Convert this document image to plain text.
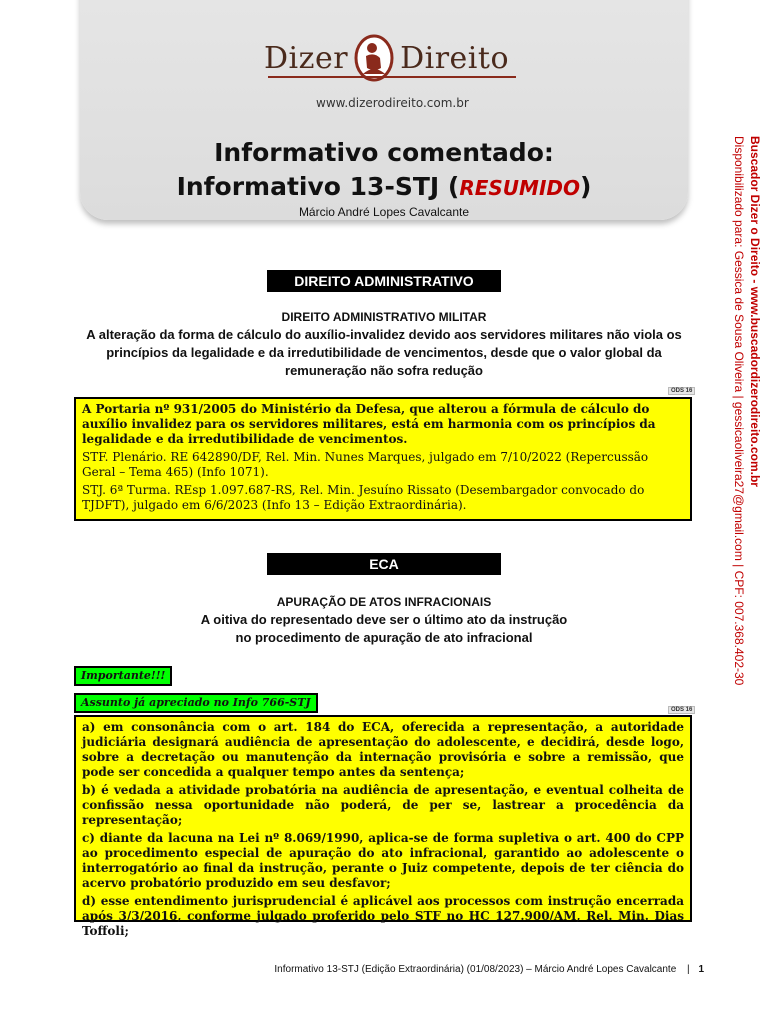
Dizer Direito
www.dizerodireito.com.br
Informativo comentado:
Informativo 13-STJ (RESUMIDO)
Márcio André Lopes Cavalcante	Buscador Dizer o Direito - www.buscadordizerodireito.com.br
Disponibilizado para: Gessica de Sousa Oliveira | gessicaoliveira27@gmail.com | CPF: 007.368.402-30
DIREITO ADMINISTRATIVO
DIREITO ADMINISTRATIVO MILITAR
A alteração da forma de cálculo do auxílio-invalidez devido aos servidores militares não viola os princípios da legalidade e da irredutibilidade de vencimentos, desde que o valor global da remuneração não sofra redução
ODS 16

A Portaria nº 931/2005 do Ministério da Defesa, que alterou a fórmula de cálculo do auxílio invalidez para os servidores militares, está em harmonia com os princípios da legalidade e da irredutibilidade de vencimentos.

STF. Plenário. RE 642890/DF, Rel. Min. Nunes Marques, julgado em 7/10/2022 (Repercussão Geral – Tema 465) (Info 1071).

STJ. 6ª Turma. REsp 1.097.687-RS, Rel. Min. Jesuíno Rissato (Desembargador convocado do TJDFT), julgado em 6/6/2023 (Info 13 – Edição Extraordinária).

ECA
APURAÇÃO DE ATOS INFRACIONAIS
A oitiva do representado deve ser o último ato da instrução
no procedimento de apuração de ato infracional
Importante!!!
Assunto já apreciado no Info 766-STJ
ODS 16

a) em consonância com o art. 184 do ECA, oferecida a representação, a autoridade judiciária designará audiência de apresentação do adolescente, e decidirá, desde logo, sobre a decretação ou manutenção da internação provisória e sobre a remissão, que pode ser concedida a qualquer tempo antes da sentença;

b) é vedada a atividade probatória na audiência de apresentação, e eventual colheita de confissão nessa oportunidade não poderá, de per se, lastrear a procedência da representação;

c) diante da lacuna na Lei nº 8.069/1990, aplica-se de forma supletiva o art. 400 do CPP ao procedimento especial de apuração do ato infracional, garantido ao adolescente o interrogatório ao final da instrução, perante o Juiz competente, depois de ter ciência do acervo probatório produzido em seu desfavor;

d) esse entendimento jurisprudencial é aplicável aos processos com instrução encerrada após 3/3/2016, conforme julgado proferido pelo STF no HC 127.900/AM, Rel. Min. Dias Toffoli;

Informativo 13-STJ (Edição Extraordinária) (01/08/2023) – Márcio André Lopes Cavalcante | 1
